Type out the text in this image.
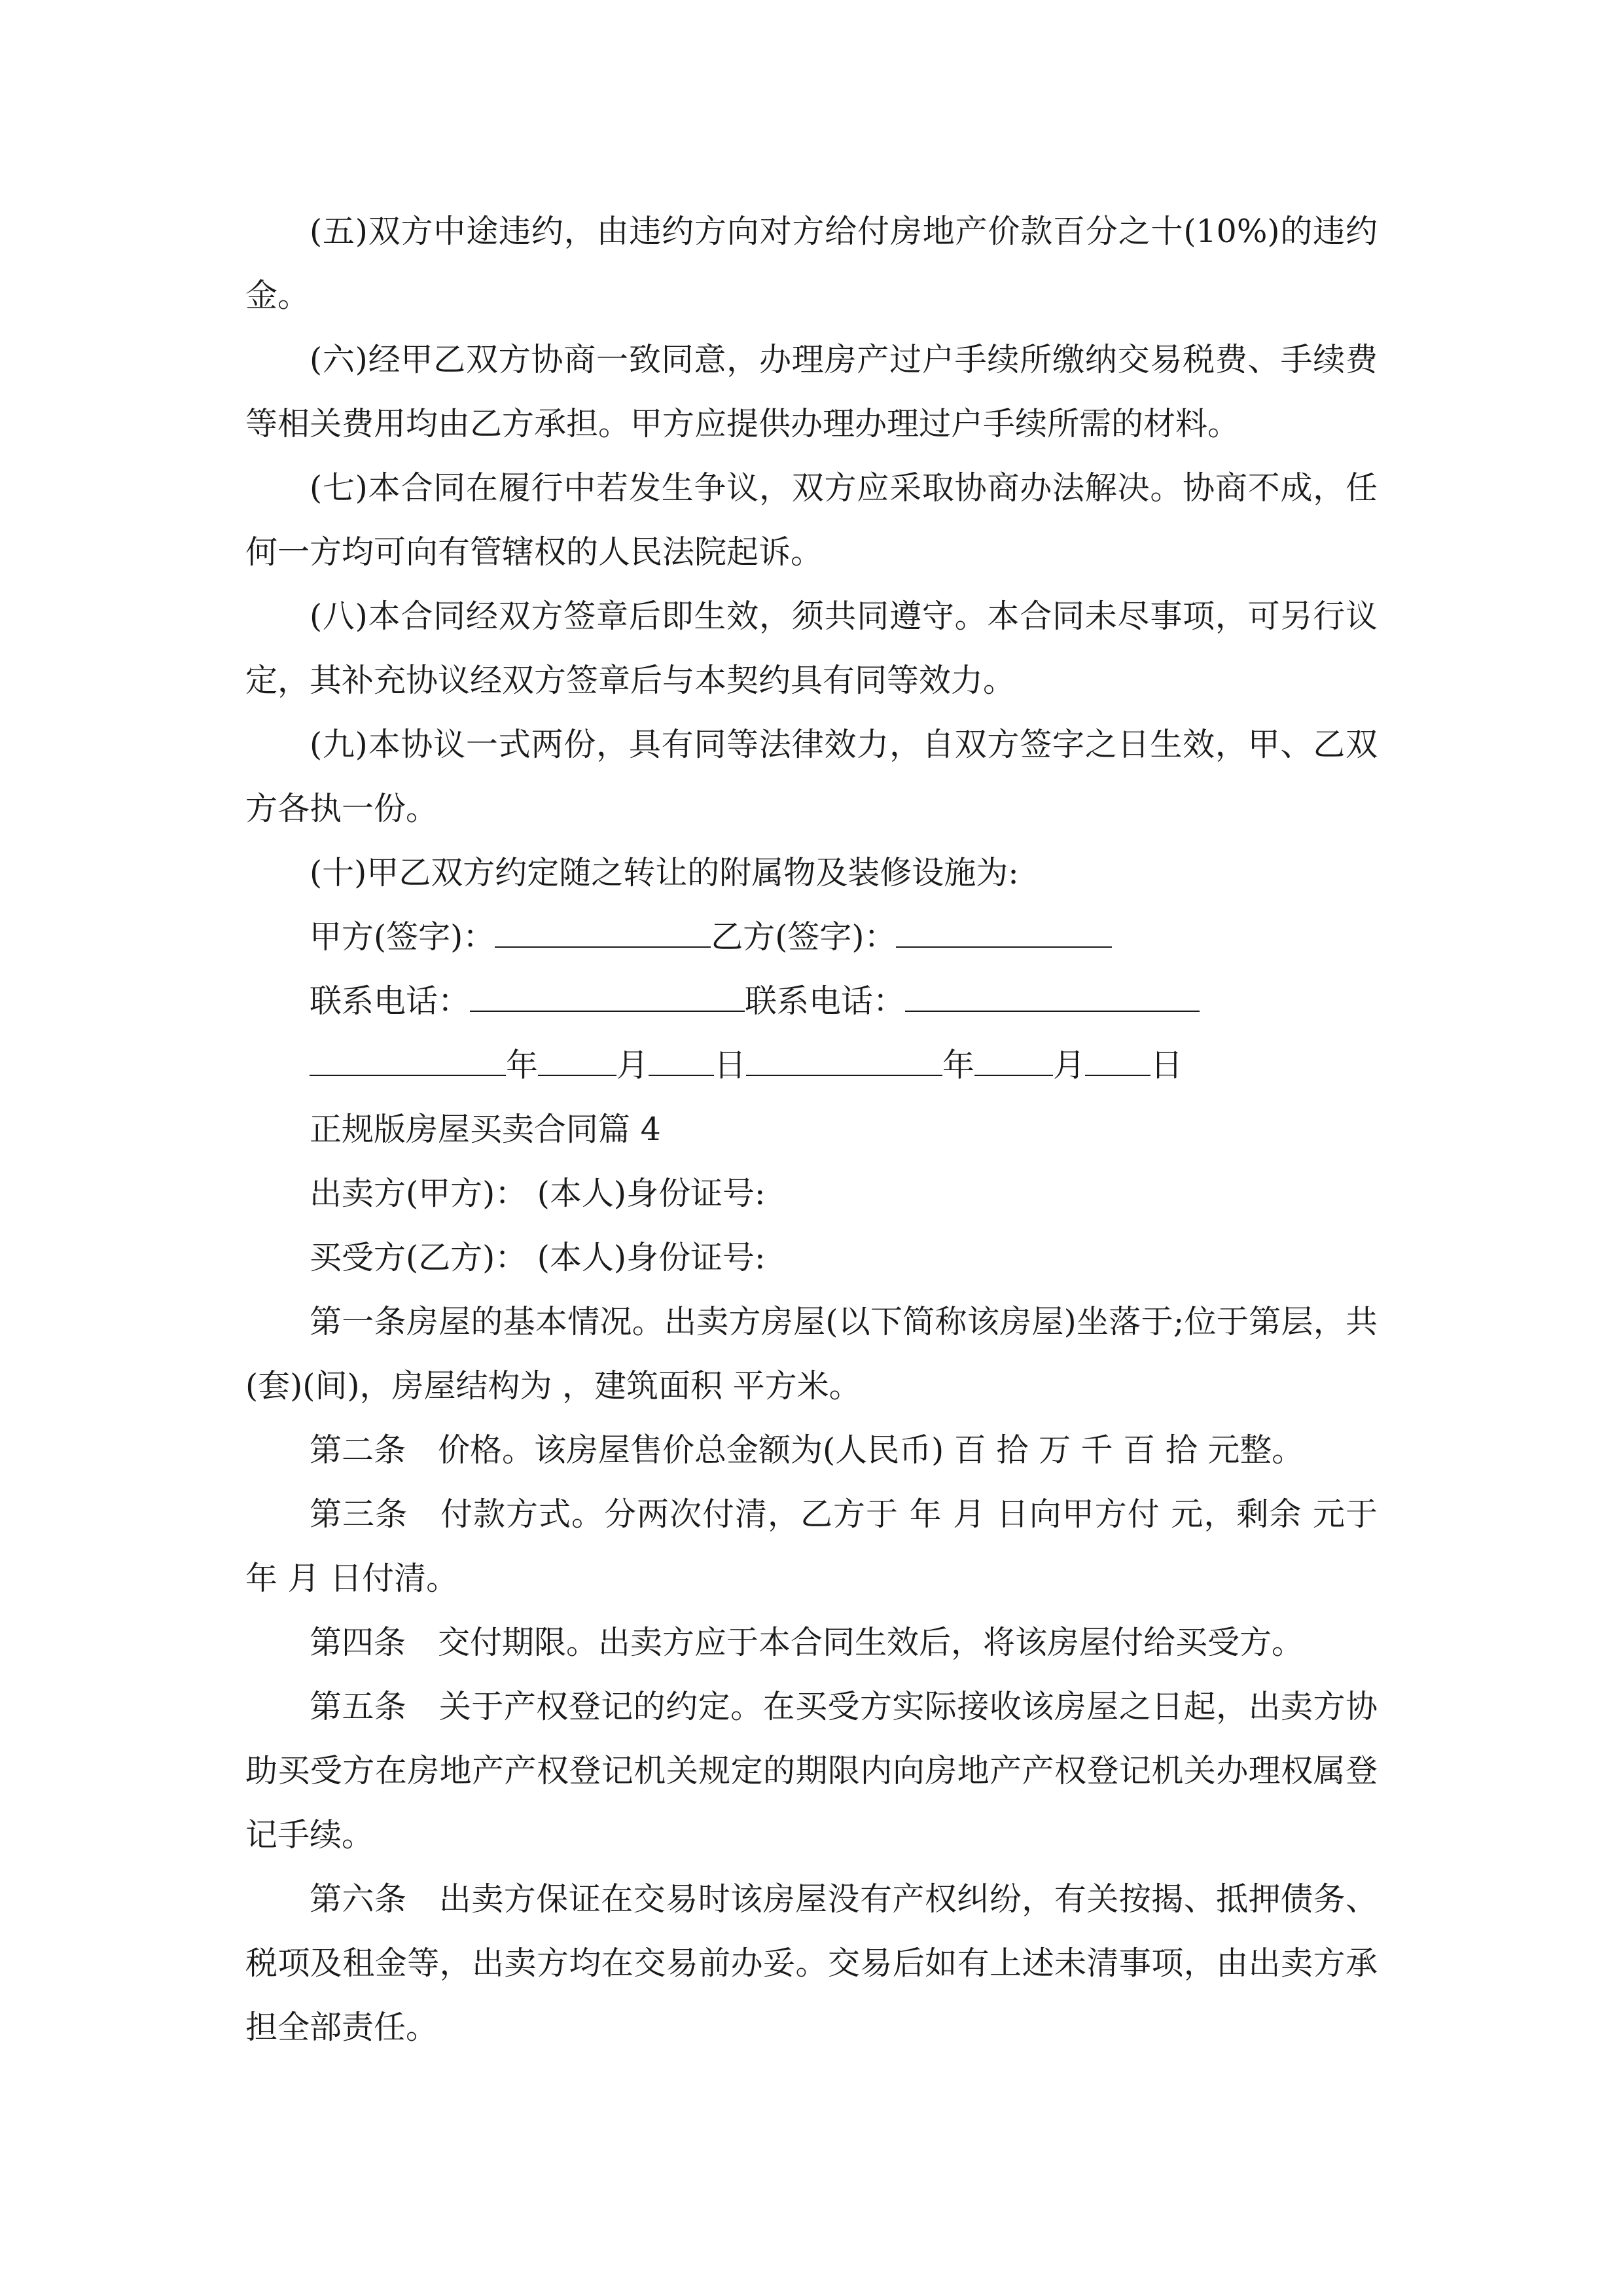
(五)双方中途违约，由违约方向对方给付房地产价款百分之十(10%)的违约金。

(六)经甲乙双方协商一致同意，办理房产过户手续所缴纳交易税费、手续费等相关费用均由乙方承担。甲方应提供办理办理过户手续所需的材料。

(七)本合同在履行中若发生争议，双方应采取协商办法解决。协商不成，任何一方均可向有管辖权的人民法院起诉。

(八)本合同经双方签章后即生效，须共同遵守。本合同未尽事项，可另行议定，其补充协议经双方签章后与本契约具有同等效力。

(九)本协议一式两份，具有同等法律效力，自双方签字之日生效，甲、乙双方各执一份。

(十)甲乙双方约定随之转让的附属物及装修设施为:

甲方(签字)：	乙方(签字)：
联系电话：	联系电话：
年 月 日	年 月 日
正规版房屋买卖合同篇 4
出卖方(甲方)： (本人)身份证号:
买受方(乙方)： (本人)身份证号:

第一条房屋的基本情况。出卖方房屋(以下简称该房屋)坐落于;位于第层，共 (套)(间)，房屋结构为 ，建筑面积 平方米。

第二条　价格。该房屋售价总金额为(人民币) 百 拾 万 千 百 拾 元整。

第三条　付款方式。分两次付清，乙方于 年 月 日向甲方付 元，剩余 元于 年 月 日付清。

第四条　交付期限。出卖方应于本合同生效后，将该房屋付给买受方。

第五条　关于产权登记的约定。在买受方实际接收该房屋之日起，出卖方协助买受方在房地产产权登记机关规定的期限内向房地产产权登记机关办理权属登记手续。

第六条　出卖方保证在交易时该房屋没有产权纠纷，有关按揭、抵押债务、税项及租金等，出卖方均在交易前办妥。交易后如有上述未清事项，由出卖方承担全部责任。
